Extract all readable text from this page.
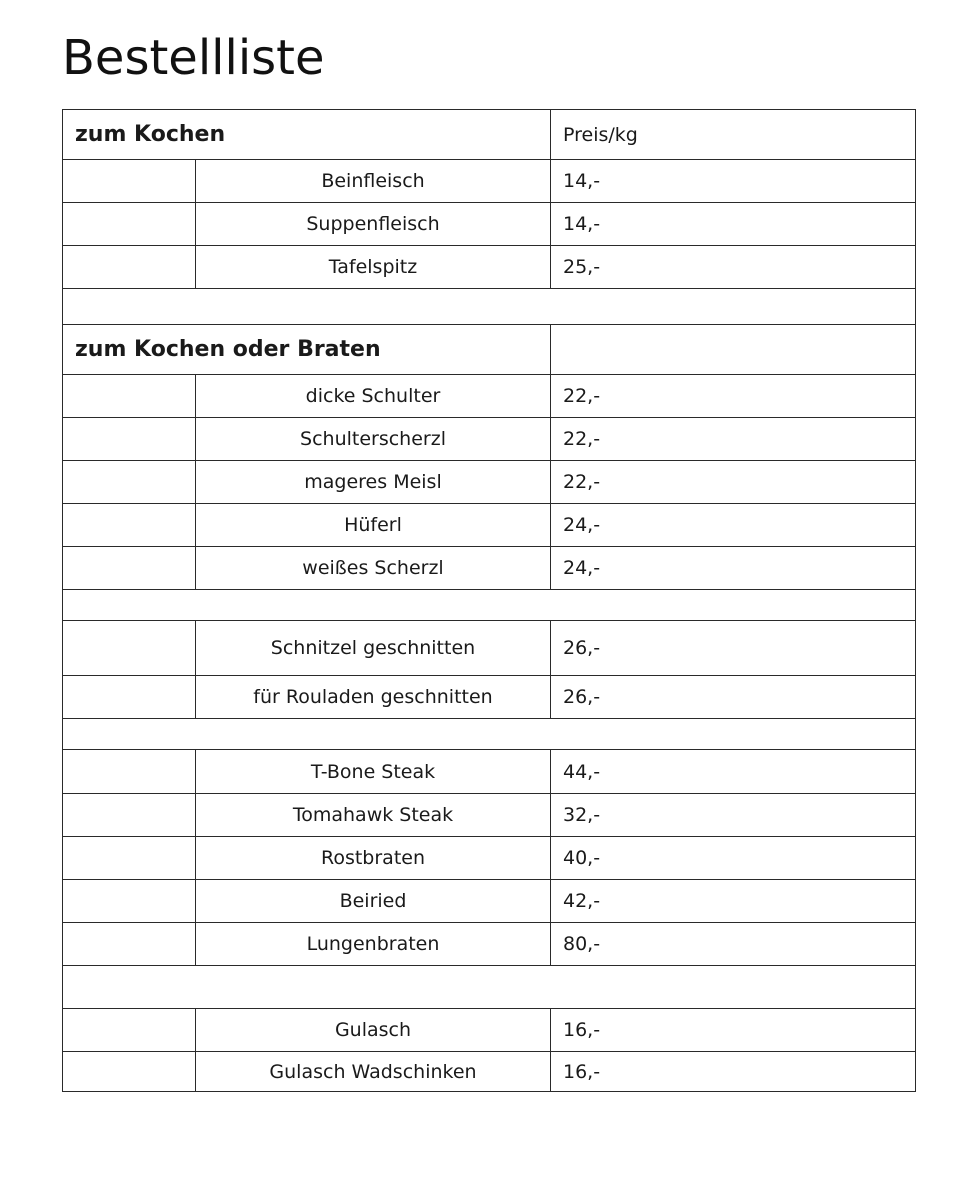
Bestellliste
zum Kochen		Preis/kg
	Beinfleisch	14,-
	Suppenfleisch	14,-
	Tafelspitz	25,-

zum Kochen oder Braten		
	dicke Schulter	22,-
	Schulterscherzl	22,-
	mageres Meisl	22,-
	Hüferl	24,-
	weißes Scherzl	24,-

	Schnitzel geschnitten	26,-
	für Rouladen geschnitten	26,-

	T-Bone Steak	44,-
	Tomahawk Steak	32,-
	Rostbraten	40,-
	Beiried	42,-
	Lungenbraten	80,-

	Gulasch	16,-
	Gulasch Wadschinken	16,-
